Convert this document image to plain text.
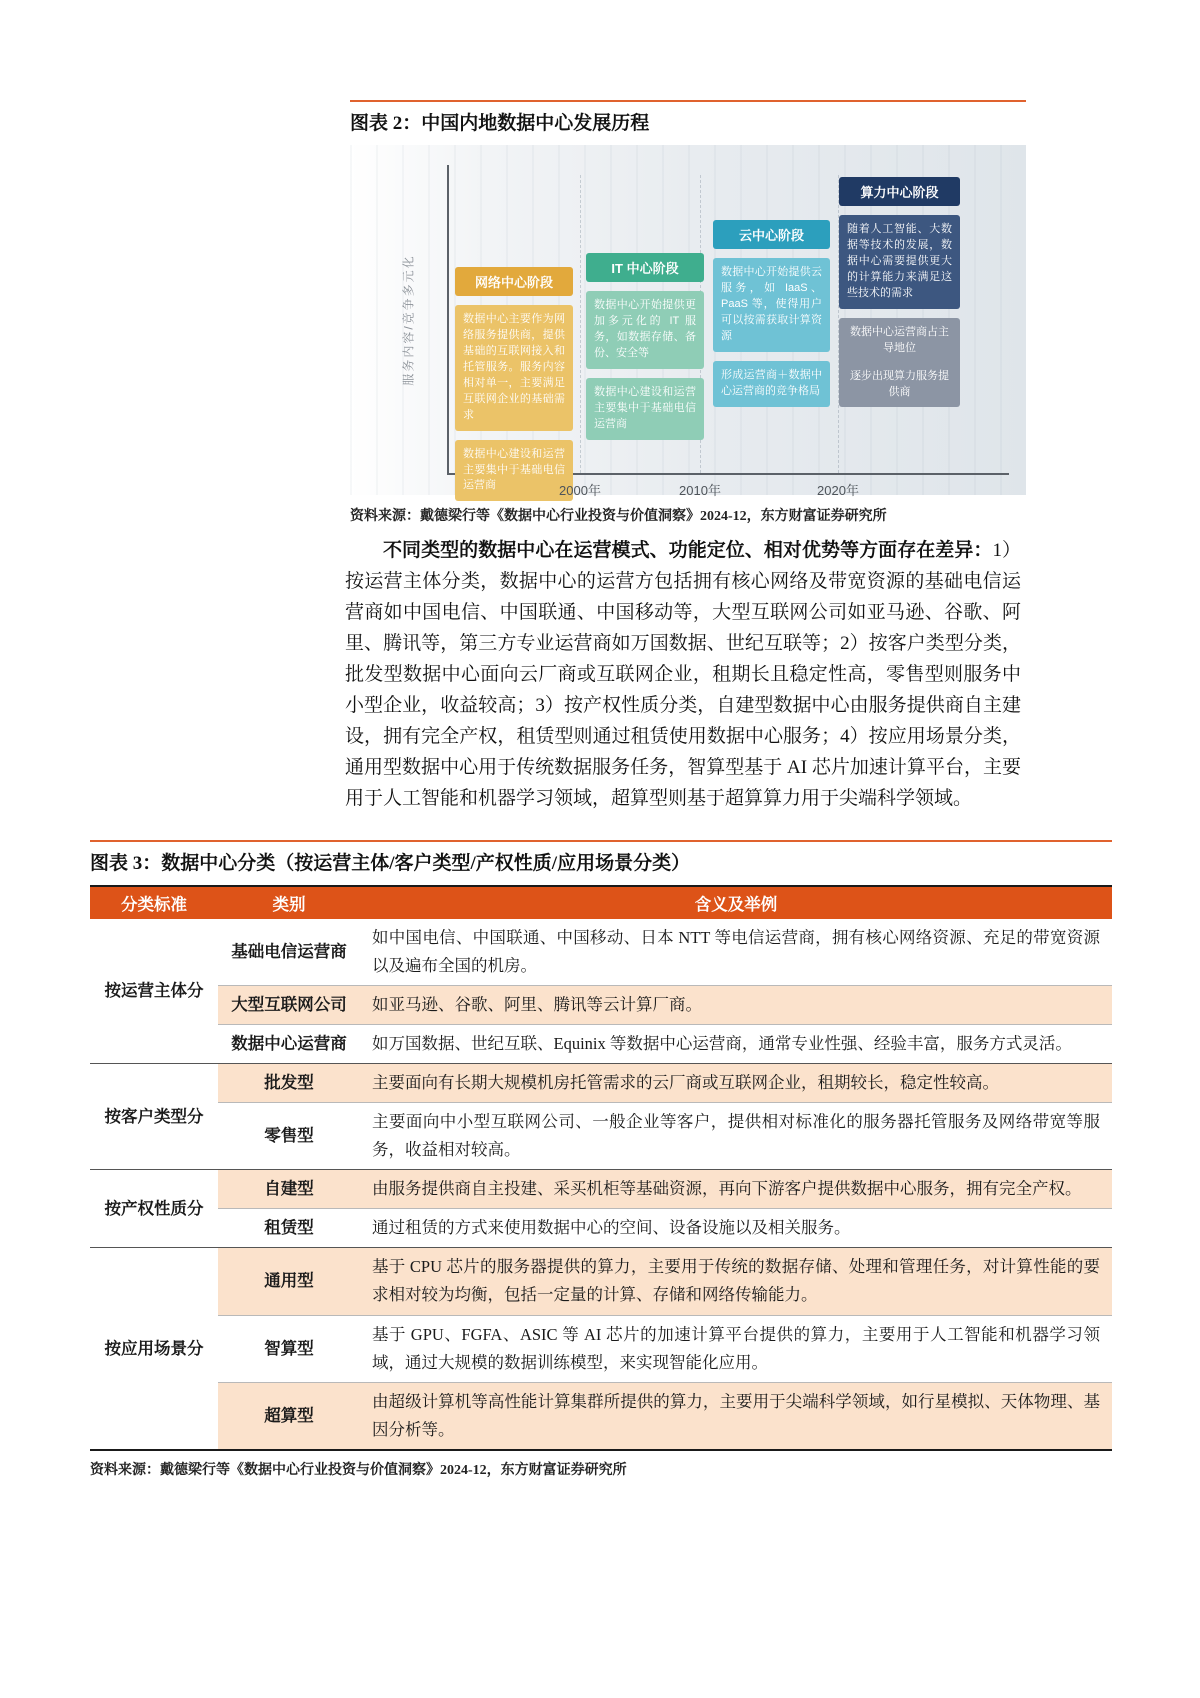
图表 2：中国内地数据中心发展历程
服务内容/竞争多元化	网络中心阶段
数据中心主要作为网络服务提供商，提供基础的互联网接入和托管服务。服务内容相对单一，主要满足互联网企业的基础需求
数据中心建设和运营主要集中于基础电信运营商
IT 中心阶段
数据中心开始提供更加多元化的 IT 服务，如数据存储、备份、安全等
数据中心建设和运营主要集中于基础电信运营商
云中心阶段
数据中心开始提供云服务，如 IaaS、PaaS 等，使得用户可以按需获取计算资源
形成运营商＋数据中心运营商的竞争格局
算力中心阶段
随着人工智能、大数据等技术的发展，数据中心需要提供更大的计算能力来满足这些技术的需求
数据中心运营商占主导地位
逐步出现算力服务提供商
2000年	2010年	2020年
资料来源：戴德梁行等《数据中心行业投资与价值洞察》2024-12，东方财富证券研究所

不同类型的数据中心在运营模式、功能定位、相对优势等方面存在差异：1）按运营主体分类，数据中心的运营方包括拥有核心网络及带宽资源的基础电信运营商如中国电信、中国联通、中国移动等，大型互联网公司如亚马逊、谷歌、阿里、腾讯等，第三方专业运营商如万国数据、世纪互联等；2）按客户类型分类，批发型数据中心面向云厂商或互联网企业，租期长且稳定性高，零售型则服务中小型企业，收益较高；3）按产权性质分类，自建型数据中心由服务提供商自主建设，拥有完全产权，租赁型则通过租赁使用数据中心服务；4）按应用场景分类，通用型数据中心用于传统数据服务任务，智算型基于 AI 芯片加速计算平台，主要用于人工智能和机器学习领域，超算型则基于超算算力用于尖端科学领域。

图表 3：数据中心分类（按运营主体/客户类型/产权性质/应用场景分类）
分类标准	类别	含义及举例
按运营主体分	基础电信运营商	如中国电信、中国联通、中国移动、日本 NTT 等电信运营商，拥有核心网络资源、充足的带宽资源以及遍布全国的机房。
	大型互联网公司	如亚马逊、谷歌、阿里、腾讯等云计算厂商。
	数据中心运营商	如万国数据、世纪互联、Equinix 等数据中心运营商，通常专业性强、经验丰富，服务方式灵活。
按客户类型分	批发型	主要面向有长期大规模机房托管需求的云厂商或互联网企业，租期较长，稳定性较高。
	零售型	主要面向中小型互联网公司、一般企业等客户，提供相对标准化的服务器托管服务及网络带宽等服务，收益相对较高。
按产权性质分	自建型	由服务提供商自主投建、采买机柜等基础资源，再向下游客户提供数据中心服务，拥有完全产权。
	租赁型	通过租赁的方式来使用数据中心的空间、设备设施以及相关服务。
按应用场景分	通用型	基于 CPU 芯片的服务器提供的算力，主要用于传统的数据存储、处理和管理任务，对计算性能的要求相对较为均衡，包括一定量的计算、存储和网络传输能力。
	智算型	基于 GPU、FGFA、ASIC 等 AI 芯片的加速计算平台提供的算力，主要用于人工智能和机器学习领域，通过大规模的数据训练模型，来实现智能化应用。
	超算型	由超级计算机等高性能计算集群所提供的算力，主要用于尖端科学领域，如行星模拟、天体物理、基因分析等。
资料来源：戴德梁行等《数据中心行业投资与价值洞察》2024-12，东方财富证券研究所
